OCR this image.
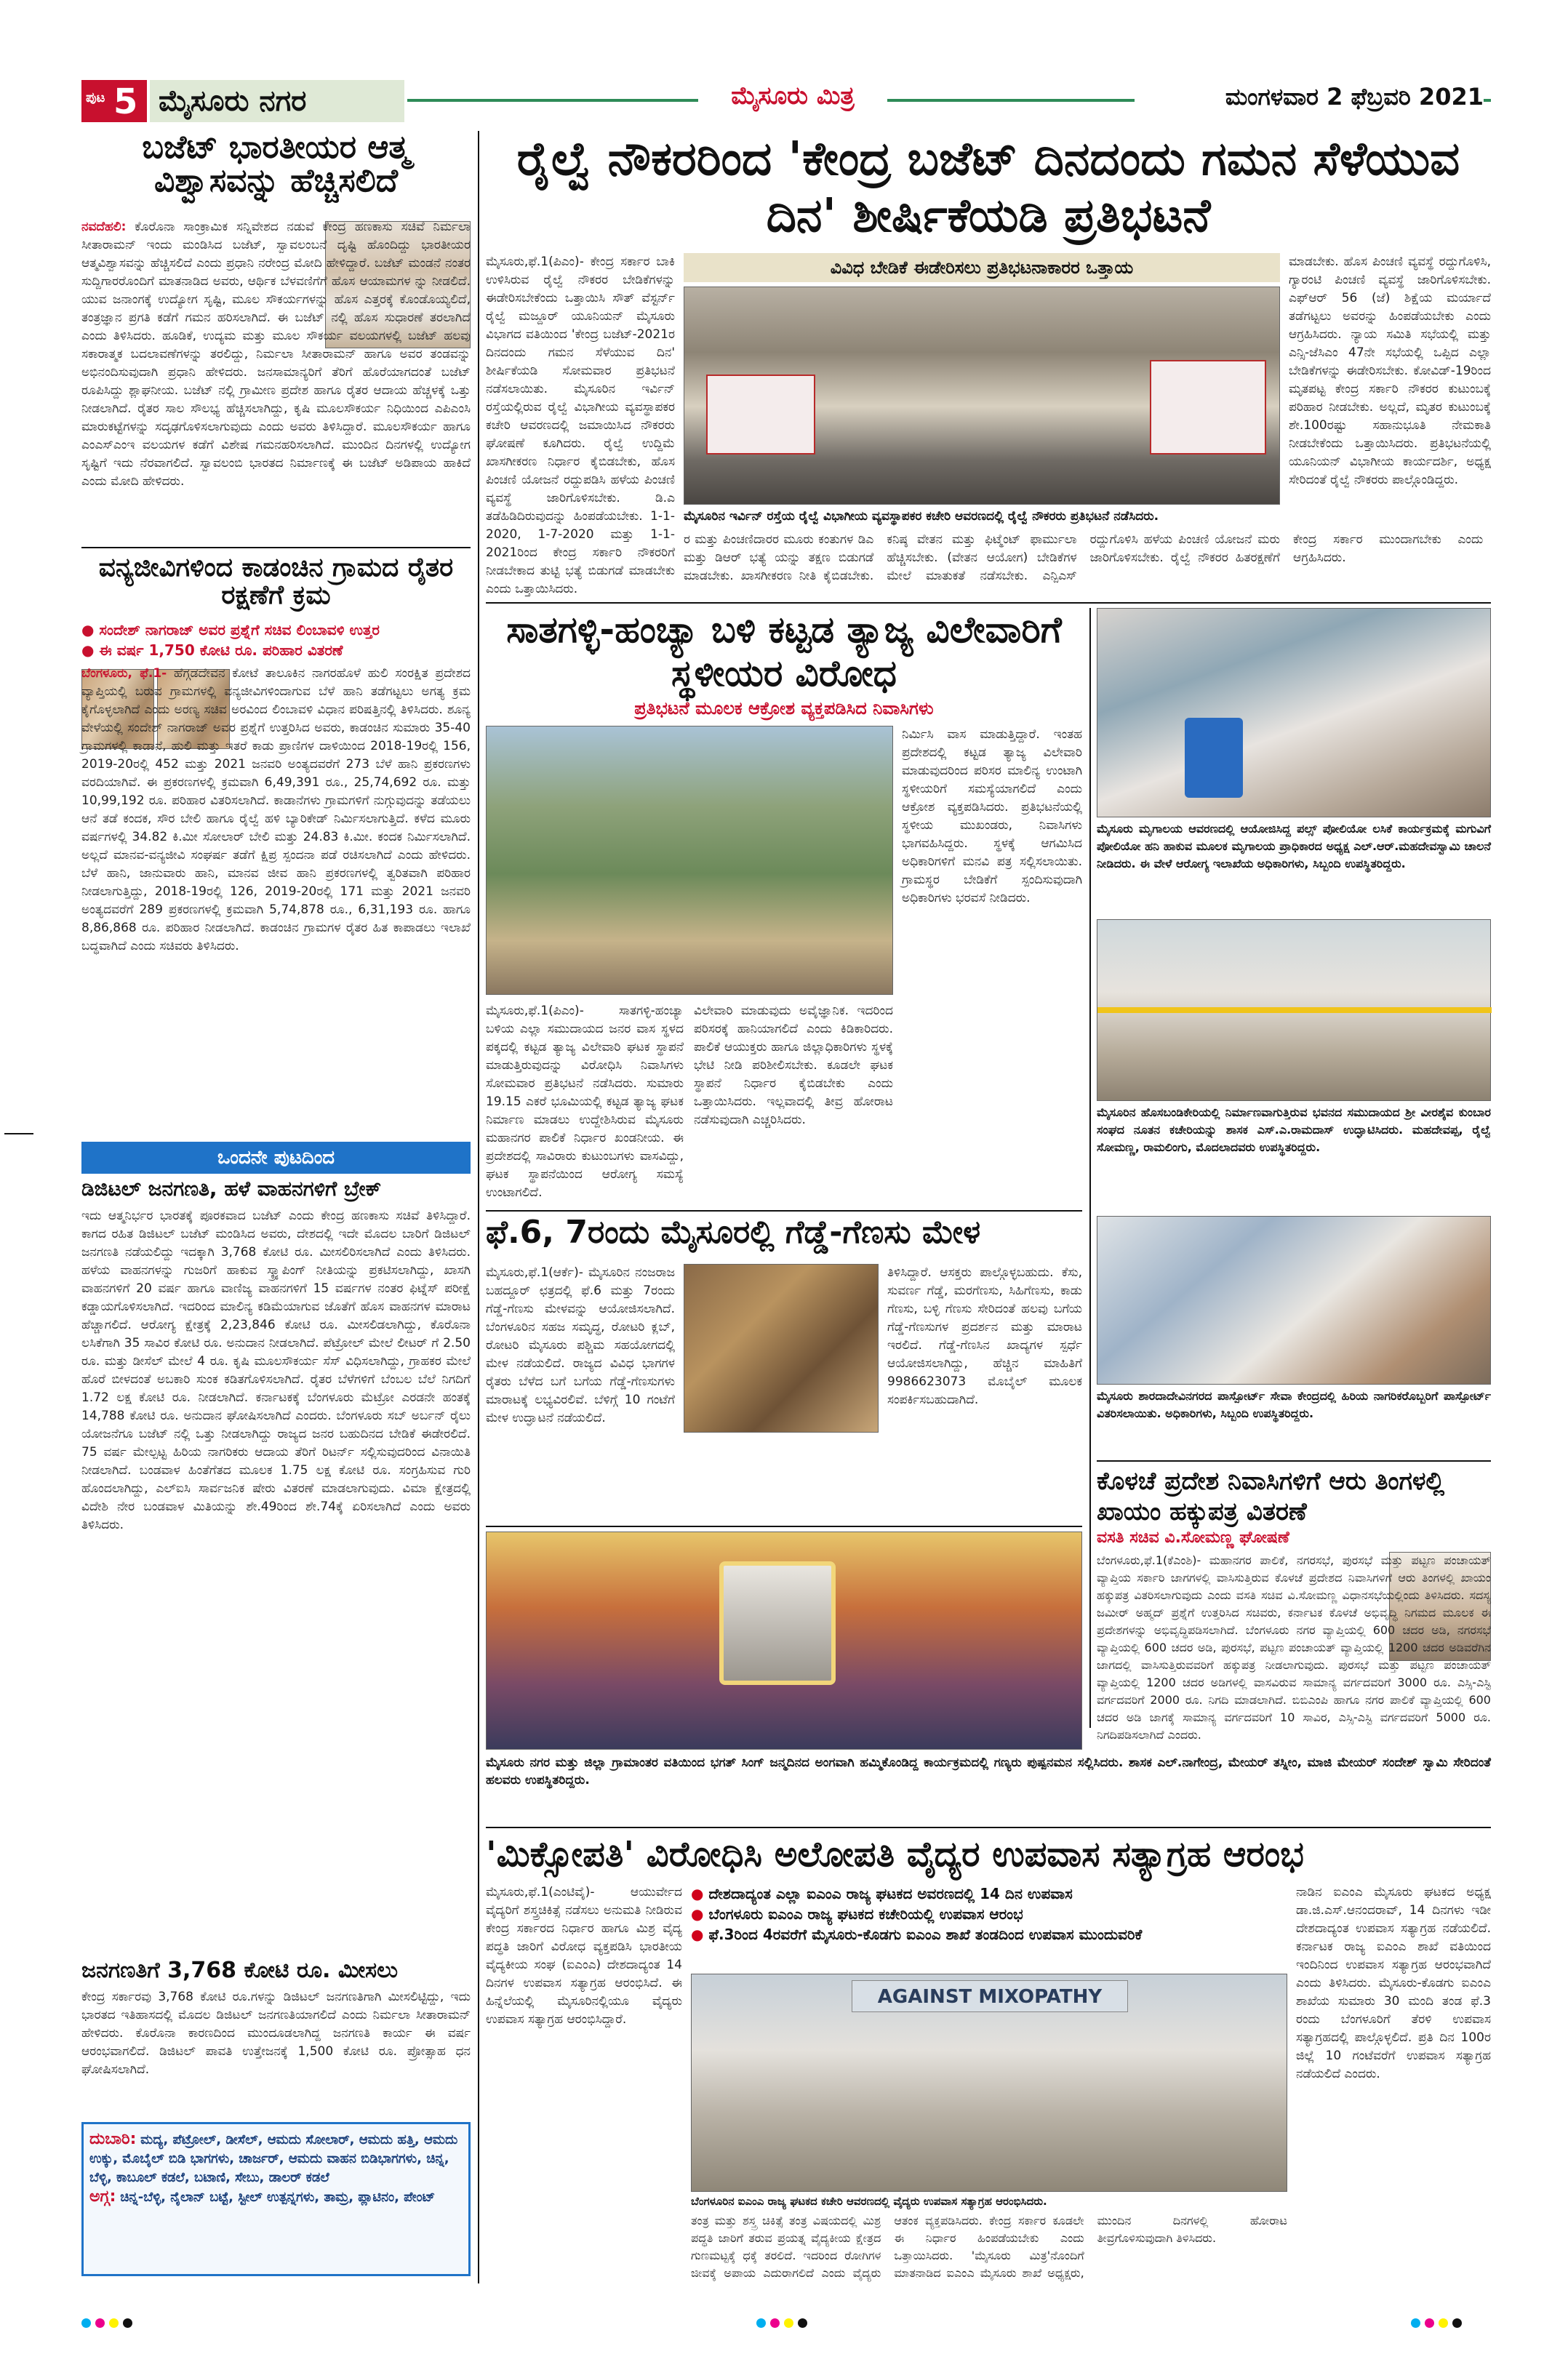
ಪುಟ 5 ಮೈಸೂರು ನಗರ	ಮೈಸೂರು ಮಿತ್ರ	ಮಂಗಳವಾರ 2 ಫೆಬ್ರವರಿ 2021
ಬಜೆಟ್ ಭಾರತೀಯರ ಆತ್ಮ ವಿಶ್ವಾಸವನ್ನು ಹೆಚ್ಚಿಸಲಿದೆ
ನವದೆಹಲಿ: ಕೊರೊನಾ ಸಾಂಕ್ರಾಮಿಕ ಸನ್ನಿವೇಶದ ನಡುವೆ ಕೇಂದ್ರ ಹಣಕಾಸು ಸಚಿವೆ ನಿರ್ಮಲಾ ಸೀತಾರಾಮನ್ ಇಂದು ಮಂಡಿಸಿದ ಬಜೆಟ್, ಸ್ವಾವಲಂಬನೆ ದೃಷ್ಟಿ ಹೊಂದಿದ್ದು ಭಾರತೀಯರ ಆತ್ಮವಿಶ್ವಾಸವನ್ನು ಹೆಚ್ಚಿಸಲಿದೆ ಎಂದು ಪ್ರಧಾನಿ ನರೇಂದ್ರ ಮೋದಿ ಹೇಳಿದ್ದಾರೆ. ಬಜೆಟ್ ಮಂಡನೆ ನಂತರ ಸುದ್ದಿಗಾರರೊಂದಿಗೆ ಮಾತನಾಡಿದ ಅವರು, ಆರ್ಥಿಕ ಬೆಳವಣಿಗೆಗೆ ಹೊಸ ಆಯಾಮಗಳ ನ್ನು ನೀಡಲಿದೆ. ಯುವ ಜನಾಂಗಕ್ಕೆ ಉದ್ಯೋಗ ಸೃಷ್ಟಿ, ಮೂಲ ಸೌಕರ್ಯಗಳನ್ನು ಹೊಸ ಎತ್ತರಕ್ಕೆ ಕೊಂಡೊಯ್ಯಲಿದೆ, ತಂತ್ರಜ್ಞಾನ ಪ್ರಗತಿ ಕಡೆಗೆ ಗಮನ ಹರಿಸಲಾಗಿದೆ. ಈ ಬಜೆಟ್ ನಲ್ಲಿ ಹೊಸ ಸುಧಾರಣೆ ತರಲಾಗಿದೆ ಎಂದು ತಿಳಿಸಿದರು. ಹೂಡಿಕೆ, ಉದ್ಯಮ ಮತ್ತು ಮೂಲ ಸೌಕರ್ಯ ವಲಯಗಳಲ್ಲಿ ಬಜೆಟ್ ಹಲವು ಸಕಾರಾತ್ಮಕ ಬದಲಾವಣೆಗಳನ್ನು ತರಲಿದ್ದು, ನಿರ್ಮಲಾ ಸೀತಾರಾಮನ್ ಹಾಗೂ ಅವರ ತಂಡವನ್ನು ಅಭಿನಂದಿಸುವುದಾಗಿ ಪ್ರಧಾನಿ ಹೇಳಿದರು. ಜನಸಾಮಾನ್ಯರಿಗೆ ತೆರಿಗೆ ಹೊರೆಯಾಗದಂತೆ ಬಜೆಟ್ ರೂಪಿಸಿದ್ದು ಶ್ಲಾಘನೀಯ. ಬಜೆಟ್ ನಲ್ಲಿ ಗ್ರಾಮೀಣ ಪ್ರದೇಶ ಹಾಗೂ ರೈತರ ಆದಾಯ ಹೆಚ್ಚಳಕ್ಕೆ ಒತ್ತು ನೀಡಲಾಗಿದೆ. ರೈತರ ಸಾಲ ಸೌಲಭ್ಯ ಹೆಚ್ಚಿಸಲಾಗಿದ್ದು, ಕೃಷಿ ಮೂಲಸೌಕರ್ಯ ನಿಧಿಯಿಂದ ಎಪಿಎಂಸಿ ಮಾರುಕಟ್ಟೆಗಳನ್ನು ಸದೃಢಗೊಳಿಸಲಾಗುವುದು ಎಂದು ಅವರು ತಿಳಿಸಿದ್ದಾರೆ. ಮೂಲಸೌಕರ್ಯ ಹಾಗೂ ಎಂಎಸ್ಎಂಇ ವಲಯಗಳ ಕಡೆಗೆ ವಿಶೇಷ ಗಮನಹರಿಸಲಾಗಿದೆ. ಮುಂದಿನ ದಿನಗಳಲ್ಲಿ ಉದ್ಯೋಗ ಸೃಷ್ಟಿಗೆ ಇದು ನೆರವಾಗಲಿದೆ. ಸ್ವಾವಲಂಬಿ ಭಾರತದ ನಿರ್ಮಾಣಕ್ಕೆ ಈ ಬಜೆಟ್ ಅಡಿಪಾಯ ಹಾಕಿದೆ ಎಂದು ಮೋದಿ ಹೇಳಿದರು.
ವನ್ಯಜೀವಿಗಳಿಂದ ಕಾಡಂಚಿನ ಗ್ರಾಮದ ರೈತರ ರಕ್ಷಣೆಗೆ ಕ್ರಮ
● ಸಂದೇಶ್ ನಾಗರಾಜ್ ಅವರ ಪ್ರಶ್ನೆಗೆ ಸಚಿವ ಲಿಂಬಾವಳಿ ಉತ್ತರ
● ಈ ವರ್ಷ 1,750 ಕೋಟಿ ರೂ. ಪರಿಹಾರ ವಿತರಣೆ
ಬೆಂಗಳೂರು, ಫೆ.1- ಹೆಗ್ಗಡದೇವನ ಕೋಟೆ ತಾಲೂಕಿನ ನಾಗರಹೊಳೆ ಹುಲಿ ಸಂರಕ್ಷಿತ ಪ್ರದೇಶದ ವ್ಯಾಪ್ತಿಯಲ್ಲಿ ಬರುವ ಗ್ರಾಮಗಳಲ್ಲಿ ವನ್ಯಜೀವಿಗಳಿಂದಾಗುವ ಬೆಳೆ ಹಾನಿ ತಡೆಗಟ್ಟಲು ಅಗತ್ಯ ಕ್ರಮ ಕೈಗೊಳ್ಳಲಾಗಿದೆ ಎಂದು ಅರಣ್ಯ ಸಚಿವ ಅರವಿಂದ ಲಿಂಬಾವಳಿ ವಿಧಾನ ಪರಿಷತ್ತಿನಲ್ಲಿ ತಿಳಿಸಿದರು. ಶೂನ್ಯ ವೇಳೆಯಲ್ಲಿ ಸಂದೇಶ್ ನಾಗರಾಜ್ ಅವರ ಪ್ರಶ್ನೆಗೆ ಉತ್ತರಿಸಿದ ಅವರು, ಕಾಡಂಚಿನ ಸುಮಾರು 35-40 ಗ್ರಾಮಗಳಲ್ಲಿ ಕಾಡಾನೆ, ಹುಲಿ ಮತ್ತು ಇತರೆ ಕಾಡು ಪ್ರಾಣಿಗಳ ದಾಳಿಯಿಂದ 2018-19ರಲ್ಲಿ 156, 2019-20ರಲ್ಲಿ 452 ಮತ್ತು 2021 ಜನವರಿ ಅಂತ್ಯದವರೆಗೆ 273 ಬೆಳೆ ಹಾನಿ ಪ್ರಕರಣಗಳು ವರದಿಯಾಗಿವೆ. ಈ ಪ್ರಕರಣಗಳಲ್ಲಿ ಕ್ರಮವಾಗಿ 6,49,391 ರೂ., 25,74,692 ರೂ. ಮತ್ತು 10,99,192 ರೂ. ಪರಿಹಾರ ವಿತರಿಸಲಾಗಿದೆ. ಕಾಡಾನೆಗಳು ಗ್ರಾಮಗಳಿಗೆ ನುಗ್ಗುವುದನ್ನು ತಡೆಯಲು ಆನೆ ತಡೆ ಕಂದಕ, ಸೌರ ಬೇಲಿ ಹಾಗೂ ರೈಲ್ವೆ ಹಳಿ ಬ್ಯಾರಿಕೇಡ್ ನಿರ್ಮಿಸಲಾಗುತ್ತಿದೆ. ಕಳೆದ ಮೂರು ವರ್ಷಗಳಲ್ಲಿ 34.82 ಕಿ.ಮೀ ಸೋಲಾರ್ ಬೇಲಿ ಮತ್ತು 24.83 ಕಿ.ಮೀ. ಕಂದಕ ನಿರ್ಮಿಸಲಾಗಿದೆ. ಅಲ್ಲದೆ ಮಾನವ-ವನ್ಯಜೀವಿ ಸಂಘರ್ಷ ತಡೆಗೆ ಕ್ಷಿಪ್ರ ಸ್ಪಂದನಾ ಪಡೆ ರಚಿಸಲಾಗಿದೆ ಎಂದು ಹೇಳಿದರು. ಬೆಳೆ ಹಾನಿ, ಜಾನುವಾರು ಹಾನಿ, ಮಾನವ ಜೀವ ಹಾನಿ ಪ್ರಕರಣಗಳಲ್ಲಿ ತ್ವರಿತವಾಗಿ ಪರಿಹಾರ ನೀಡಲಾಗುತ್ತಿದ್ದು, 2018-19ರಲ್ಲಿ 126, 2019-20ರಲ್ಲಿ 171 ಮತ್ತು 2021 ಜನವರಿ ಅಂತ್ಯದವರೆಗೆ 289 ಪ್ರಕರಣಗಳಲ್ಲಿ ಕ್ರಮವಾಗಿ 5,74,878 ರೂ., 6,31,193 ರೂ. ಹಾಗೂ 8,86,868 ರೂ. ಪರಿಹಾರ ನೀಡಲಾಗಿದೆ. ಕಾಡಂಚಿನ ಗ್ರಾಮಗಳ ರೈತರ ಹಿತ ಕಾಪಾಡಲು ಇಲಾಖೆ ಬದ್ಧವಾಗಿದೆ ಎಂದು ಸಚಿವರು ತಿಳಿಸಿದರು.
ಒಂದನೇ ಪುಟದಿಂದ
ಡಿಜಿಟಲ್ ಜನಗಣತಿ, ಹಳೆ ವಾಹನಗಳಿಗೆ ಬ್ರೇಕ್
ಇದು ಆತ್ಮನಿರ್ಭರ ಭಾರತಕ್ಕೆ ಪೂರಕವಾದ ಬಜೆಟ್ ಎಂದು ಕೇಂದ್ರ ಹಣಕಾಸು ಸಚಿವೆ ತಿಳಿಸಿದ್ದಾರೆ. ಕಾಗದ ರಹಿತ ಡಿಜಿಟಲ್ ಬಜೆಟ್ ಮಂಡಿಸಿದ ಅವರು, ದೇಶದಲ್ಲಿ ಇದೇ ಮೊದಲ ಬಾರಿಗೆ ಡಿಜಿಟಲ್ ಜನಗಣತಿ ನಡೆಯಲಿದ್ದು ಇದಕ್ಕಾಗಿ 3,768 ಕೋಟಿ ರೂ. ಮೀಸಲಿರಿಸಲಾಗಿದೆ ಎಂದು ತಿಳಿಸಿದರು. ಹಳೆಯ ವಾಹನಗಳನ್ನು ಗುಜರಿಗೆ ಹಾಕುವ ಸ್ಕ್ರ್ಯಾಪಿಂಗ್ ನೀತಿಯನ್ನು ಪ್ರಕಟಿಸಲಾಗಿದ್ದು, ಖಾಸಗಿ ವಾಹನಗಳಿಗೆ 20 ವರ್ಷ ಹಾಗೂ ವಾಣಿಜ್ಯ ವಾಹನಗಳಿಗೆ 15 ವರ್ಷಗಳ ನಂತರ ಫಿಟ್ನೆಸ್ ಪರೀಕ್ಷೆ ಕಡ್ಡಾಯಗೊಳಿಸಲಾಗಿದೆ. ಇದರಿಂದ ಮಾಲಿನ್ಯ ಕಡಿಮೆಯಾಗುವ ಜೊತೆಗೆ ಹೊಸ ವಾಹನಗಳ ಮಾರಾಟ ಹೆಚ್ಚಾಗಲಿದೆ. ಆರೋಗ್ಯ ಕ್ಷೇತ್ರಕ್ಕೆ 2,23,846 ಕೋಟಿ ರೂ. ಮೀಸಲಿಡಲಾಗಿದ್ದು, ಕೊರೊನಾ ಲಸಿಕೆಗಾಗಿ 35 ಸಾವಿರ ಕೋಟಿ ರೂ. ಅನುದಾನ ನೀಡಲಾಗಿದೆ. ಪೆಟ್ರೋಲ್ ಮೇಲೆ ಲೀಟರ್ ಗೆ 2.50 ರೂ. ಮತ್ತು ಡೀಸೆಲ್ ಮೇಲೆ 4 ರೂ. ಕೃಷಿ ಮೂಲಸೌಕರ್ಯ ಸೆಸ್ ವಿಧಿಸಲಾಗಿದ್ದು, ಗ್ರಾಹಕರ ಮೇಲೆ ಹೊರೆ ಬೀಳದಂತೆ ಅಬಕಾರಿ ಸುಂಕ ಕಡಿತಗೊಳಿಸಲಾಗಿದೆ. ರೈತರ ಬೆಳೆಗಳಿಗೆ ಬೆಂಬಲ ಬೆಲೆ ನಿಗದಿಗೆ 1.72 ಲಕ್ಷ ಕೋಟಿ ರೂ. ನೀಡಲಾಗಿದೆ. ಕರ್ನಾಟಕಕ್ಕೆ ಬೆಂಗಳೂರು ಮೆಟ್ರೋ ಎರಡನೇ ಹಂತಕ್ಕೆ 14,788 ಕೋಟಿ ರೂ. ಅನುದಾನ ಘೋಷಿಸಲಾಗಿದೆ ಎಂದರು. ಬೆಂಗಳೂರು ಸಬ್ ಅರ್ಬನ್ ರೈಲು ಯೋಜನೆಗೂ ಬಜೆಟ್ ನಲ್ಲಿ ಒತ್ತು ನೀಡಲಾಗಿದ್ದು ರಾಜ್ಯದ ಜನರ ಬಹುದಿನದ ಬೇಡಿಕೆ ಈಡೇರಲಿದೆ. 75 ವರ್ಷ ಮೇಲ್ಪಟ್ಟ ಹಿರಿಯ ನಾಗರಿಕರು ಆದಾಯ ತೆರಿಗೆ ರಿಟರ್ನ್ ಸಲ್ಲಿಸುವುದರಿಂದ ವಿನಾಯಿತಿ ನೀಡಲಾಗಿದೆ. ಬಂಡವಾಳ ಹಿಂತೆಗೆತದ ಮೂಲಕ 1.75 ಲಕ್ಷ ಕೋಟಿ ರೂ. ಸಂಗ್ರಹಿಸುವ ಗುರಿ ಹೊಂದಲಾಗಿದ್ದು, ಎಲ್ಐಸಿ ಸಾರ್ವಜನಿಕ ಷೇರು ವಿತರಣೆ ಮಾಡಲಾಗುವುದು. ವಿಮಾ ಕ್ಷೇತ್ರದಲ್ಲಿ ವಿದೇಶಿ ನೇರ ಬಂಡವಾಳ ಮಿತಿಯನ್ನು ಶೇ.49ರಿಂದ ಶೇ.74ಕ್ಕೆ ಏರಿಸಲಾಗಿದೆ ಎಂದು ಅವರು ತಿಳಿಸಿದರು.
ಜನಗಣತಿಗೆ 3,768 ಕೋಟಿ ರೂ. ಮೀಸಲು
ಕೇಂದ್ರ ಸರ್ಕಾರವು 3,768 ಕೋಟಿ ರೂ.ಗಳನ್ನು ಡಿಜಿಟಲ್ ಜನಗಣತಿಗಾಗಿ ಮೀಸಲಿಟ್ಟಿದ್ದು, ಇದು ಭಾರತದ ಇತಿಹಾಸದಲ್ಲಿ ಮೊದಲ ಡಿಜಿಟಲ್ ಜನಗಣತಿಯಾಗಲಿದೆ ಎಂದು ನಿರ್ಮಲಾ ಸೀತಾರಾಮನ್ ಹೇಳಿದರು. ಕೊರೊನಾ ಕಾರಣದಿಂದ ಮುಂದೂಡಲಾಗಿದ್ದ ಜನಗಣತಿ ಕಾರ್ಯ ಈ ವರ್ಷ ಆರಂಭವಾಗಲಿದೆ. ಡಿಜಿಟಲ್ ಪಾವತಿ ಉತ್ತೇಜನಕ್ಕೆ 1,500 ಕೋಟಿ ರೂ. ಪ್ರೋತ್ಸಾಹ ಧನ ಘೋಷಿಸಲಾಗಿದೆ.
ದುಬಾರಿ: ಮದ್ಯ, ಪೆಟ್ರೋಲ್, ಡೀಸೆಲ್, ಆಮದು ಸೋಲಾರ್, ಆಮದು ಹತ್ತಿ, ಆಮದು ಉಕ್ಕು, ಮೊಬೈಲ್ ಬಿಡಿ ಭಾಗಗಳು, ಚಾರ್ಜರ್, ಆಮದು ವಾಹನ ಬಿಡಿಭಾಗಗಳು, ಚಿನ್ನ, ಬೆಳ್ಳಿ, ಕಾಬೂಲ್ ಕಡಲೆ, ಬಟಾಣಿ, ಸೇಬು, ಡಾಲರ್ ಕಡಲೆ
ಅಗ್ಗ: ಚಿನ್ನ-ಬೆಳ್ಳಿ, ನೈಲಾನ್ ಬಟ್ಟೆ, ಸ್ಟೀಲ್ ಉತ್ಪನ್ನಗಳು, ತಾಮ್ರ, ಪ್ಲಾಟಿನಂ, ಪೇಂಟ್
ರೈಲ್ವೆ ನೌಕರರಿಂದ 'ಕೇಂದ್ರ ಬಜೆಟ್ ದಿನದಂದು ಗಮನ ಸೆಳೆಯುವ ದಿನ' ಶೀರ್ಷಿಕೆಯಡಿ ಪ್ರತಿಭಟನೆ
ಮೈಸೂರು,ಫೆ.1(ಪಿಎಂ)- ಕೇಂದ್ರ ಸರ್ಕಾರ ಬಾಕಿ ಉಳಿಸಿರುವ ರೈಲ್ವೆ ನೌಕರರ ಬೇಡಿಕೆಗಳನ್ನು ಈಡೇರಿಸಬೇಕೆಂದು ಒತ್ತಾಯಿಸಿ ಸೌತ್ ವೆಸ್ಟರ್ನ್ ರೈಲ್ವೆ ಮಜ್ದೂರ್ ಯೂನಿಯನ್ ಮೈಸೂರು ವಿಭಾಗದ ವತಿಯಿಂದ 'ಕೇಂದ್ರ ಬಜೆಟ್-2021ರ ದಿನದಂದು ಗಮನ ಸೆಳೆಯುವ ದಿನ' ಶೀರ್ಷಿಕೆಯಡಿ ಸೋಮವಾರ ಪ್ರತಿಭಟನೆ ನಡೆಸಲಾಯಿತು. ಮೈಸೂರಿನ ಇರ್ವಿನ್ ರಸ್ತೆಯಲ್ಲಿರುವ ರೈಲ್ವೆ ವಿಭಾಗೀಯ ವ್ಯವಸ್ಥಾಪಕರ ಕಚೇರಿ ಆವರಣದಲ್ಲಿ ಜಮಾಯಿಸಿದ ನೌಕರರು ಘೋಷಣೆ ಕೂಗಿದರು. ರೈಲ್ವೆ ಉದ್ದಿಮೆ ಖಾಸಗೀಕರಣ ನಿರ್ಧಾರ ಕೈಬಿಡಬೇಕು, ಹೊಸ ಪಿಂಚಣಿ ಯೋಜನೆ ರದ್ದುಪಡಿಸಿ ಹಳೆಯ ಪಿಂಚಣಿ ವ್ಯವಸ್ಥೆ ಜಾರಿಗೊಳಿಸಬೇಕು. ಡಿ.ಎ ತಡೆಹಿಡಿದಿರುವುದನ್ನು ಹಿಂಪಡೆಯಬೇಕು. 1-1-2020, 1-7-2020 ಮತ್ತು 1-1-2021ರಿಂದ ಕೇಂದ್ರ ಸರ್ಕಾರಿ ನೌಕರರಿಗೆ ನೀಡಬೇಕಾದ ತುಟ್ಟಿ ಭತ್ಯೆ ಬಿಡುಗಡೆ ಮಾಡಬೇಕು ಎಂದು ಒತ್ತಾಯಿಸಿದರು.
ವಿವಿಧ ಬೇಡಿಕೆ ಈಡೇರಿಸಲು ಪ್ರತಿಭಟನಾಕಾರರ ಒತ್ತಾಯ
ಮೈಸೂರಿನ ಇರ್ವಿನ್ ರಸ್ತೆಯ ರೈಲ್ವೆ ವಿಭಾಗೀಯ ವ್ಯವಸ್ಥಾಪಕರ ಕಚೇರಿ ಆವರಣದಲ್ಲಿ ರೈಲ್ವೆ ನೌಕರರು ಪ್ರತಿಭಟನೆ ನಡೆಸಿದರು.
ರ ಮತ್ತು ಪಿಂಚಣಿದಾರರ ಮೂರು ಕಂತುಗಳ ಡಿಎ ಮತ್ತು ಡಿಆರ್ ಭತ್ಯೆ ಯನ್ನು ತಕ್ಷಣ ಬಿಡುಗಡೆ ಮಾಡಬೇಕು. ಖಾಸಗೀಕರಣ ನೀತಿ ಕೈಬಿಡಬೇಕು. ಕನಿಷ್ಠ ವೇತನ ಮತ್ತು ಫಿಟ್ಮೆಂಟ್ ಫಾರ್ಮುಲಾ ಹೆಚ್ಚಿಸಬೇಕು. (ವೇತನ ಆಯೋಗ) ಬೇಡಿಕೆಗಳ ಮೇಲೆ ಮಾತುಕತೆ ನಡೆಸಬೇಕು. ಎನ್ಪಿಎಸ್ ರದ್ದುಗೊಳಿಸಿ ಹಳೆಯ ಪಿಂಚಣಿ ಯೋಜನೆ ಮರು ಜಾರಿಗೊಳಿಸಬೇಕು. ರೈಲ್ವೆ ನೌಕರರ ಹಿತರಕ್ಷಣೆಗೆ ಕೇಂದ್ರ ಸರ್ಕಾರ ಮುಂದಾಗಬೇಕು ಎಂದು ಆಗ್ರಹಿಸಿದರು.
ಮಾಡಬೇಕು. ಹೊಸ ಪಿಂಚಣಿ ವ್ಯವಸ್ಥೆ ರದ್ದುಗೊಳಿಸಿ, ಗ್ಯಾರಂಟಿ ಪಿಂಚಣಿ ವ್ಯವಸ್ಥೆ ಜಾರಿಗೊಳಿಸಬೇಕು. ಎಫ್ಆರ್ 56 (ಜೆ) ಶಿಕ್ಷೆಯ ಮರ್ಯಾದೆ ತಡೆಗಟ್ಟಲು ಅವರನ್ನು ಹಿಂಪಡೆಯಬೇಕು ಎಂದು ಆಗ್ರಹಿಸಿದರು. ನ್ಯಾಯ ಸಮಿತಿ ಸಭೆಯಲ್ಲಿ ಮತ್ತು ಎನ್ಸಿ-ಜೆಸಿಎಂ 47ನೇ ಸಭೆಯಲ್ಲಿ ಒಪ್ಪಿದ ಎಲ್ಲಾ ಬೇಡಿಕೆಗಳನ್ನು ಈಡೇರಿಸಬೇಕು. ಕೋವಿಡ್-19ರಿಂದ ಮೃತಪಟ್ಟ ಕೇಂದ್ರ ಸರ್ಕಾರಿ ನೌಕರರ ಕುಟುಂಬಕ್ಕೆ ಪರಿಹಾರ ನೀಡಬೇಕು. ಅಲ್ಲದೆ, ಮೃತರ ಕುಟುಂಬಕ್ಕೆ ಶೇ.100ರಷ್ಟು ಸಹಾನುಭೂತಿ ನೇಮಕಾತಿ ನೀಡಬೇಕೆಂದು ಒತ್ತಾಯಿಸಿದರು. ಪ್ರತಿಭಟನೆಯಲ್ಲಿ ಯೂನಿಯನ್ ವಿಭಾಗೀಯ ಕಾರ್ಯದರ್ಶಿ, ಅಧ್ಯಕ್ಷ ಸೇರಿದಂತೆ ರೈಲ್ವೆ ನೌಕರರು ಪಾಲ್ಗೊಂಡಿದ್ದರು.
ಸಾತಗಳ್ಳಿ-ಹಂಚ್ಯಾ ಬಳಿ ಕಟ್ಟಡ ತ್ಯಾಜ್ಯ ವಿಲೇವಾರಿಗೆ ಸ್ಥಳೀಯರ ವಿರೋಧ
ಪ್ರತಿಭಟನೆ ಮೂಲಕ ಆಕ್ರೋಶ ವ್ಯಕ್ತಪಡಿಸಿದ ನಿವಾಸಿಗಳು
ನಿರ್ಮಿಸಿ ವಾಸ ಮಾಡುತ್ತಿದ್ದಾರೆ. ಇಂತಹ ಪ್ರದೇಶದಲ್ಲಿ ಕಟ್ಟಡ ತ್ಯಾಜ್ಯ ವಿಲೇವಾರಿ ಮಾಡುವುದರಿಂದ ಪರಿಸರ ಮಾಲಿನ್ಯ ಉಂಟಾಗಿ ಸ್ಥಳೀಯರಿಗೆ ಸಮಸ್ಯೆಯಾಗಲಿದೆ ಎಂದು ಆಕ್ರೋಶ ವ್ಯಕ್ತಪಡಿಸಿದರು. ಪ್ರತಿಭಟನೆಯಲ್ಲಿ ಸ್ಥಳೀಯ ಮುಖಂಡರು, ನಿವಾಸಿಗಳು ಭಾಗವಹಿಸಿದ್ದರು. ಸ್ಥಳಕ್ಕೆ ಆಗಮಿಸಿದ ಅಧಿಕಾರಿಗಳಿಗೆ ಮನವಿ ಪತ್ರ ಸಲ್ಲಿಸಲಾಯಿತು. ಗ್ರಾಮಸ್ಥರ ಬೇಡಿಕೆಗೆ ಸ್ಪಂದಿಸುವುದಾಗಿ ಅಧಿಕಾರಿಗಳು ಭರವಸೆ ನೀಡಿದರು.
ಮೈಸೂರು,ಫೆ.1(ಪಿಎಂ)- ಸಾತಗಳ್ಳಿ-ಹಂಚ್ಯಾ ಬಳಿಯ ಎಲ್ಲಾ ಸಮುದಾಯದ ಜನರ ವಾಸ ಸ್ಥಳದ ಪಕ್ಕದಲ್ಲಿ ಕಟ್ಟಡ ತ್ಯಾಜ್ಯ ವಿಲೇವಾರಿ ಘಟಕ ಸ್ಥಾಪನೆ ಮಾಡುತ್ತಿರುವುದನ್ನು ವಿರೋಧಿಸಿ ನಿವಾಸಿಗಳು ಸೋಮವಾರ ಪ್ರತಿಭಟನೆ ನಡೆಸಿದರು. ಸುಮಾರು 19.15 ಎಕರೆ ಭೂಮಿಯಲ್ಲಿ ಕಟ್ಟಡ ತ್ಯಾಜ್ಯ ಘಟಕ ನಿರ್ಮಾಣ ಮಾಡಲು ಉದ್ದೇಶಿಸಿರುವ ಮೈಸೂರು ಮಹಾನಗರ ಪಾಲಿಕೆ ನಿರ್ಧಾರ ಖಂಡನೀಯ. ಈ ಪ್ರದೇಶದಲ್ಲಿ ಸಾವಿರಾರು ಕುಟುಂಬಗಳು ವಾಸವಿದ್ದು, ಘಟಕ ಸ್ಥಾಪನೆಯಿಂದ ಆರೋಗ್ಯ ಸಮಸ್ಯೆ ಉಂಟಾಗಲಿದೆ.
ವಿಲೇವಾರಿ ಮಾಡುವುದು ಅವೈಜ್ಞಾನಿಕ. ಇದರಿಂದ ಪರಿಸರಕ್ಕೆ ಹಾನಿಯಾಗಲಿದೆ ಎಂದು ಕಿಡಿಕಾರಿದರು. ಪಾಲಿಕೆ ಆಯುಕ್ತರು ಹಾಗೂ ಜಿಲ್ಲಾಧಿಕಾರಿಗಳು ಸ್ಥಳಕ್ಕೆ ಭೇಟಿ ನೀಡಿ ಪರಿಶೀಲಿಸಬೇಕು. ಕೂಡಲೇ ಘಟಕ ಸ್ಥಾಪನೆ ನಿರ್ಧಾರ ಕೈಬಿಡಬೇಕು ಎಂದು ಒತ್ತಾಯಿಸಿದರು. ಇಲ್ಲವಾದಲ್ಲಿ ತೀವ್ರ ಹೋರಾಟ ನಡೆಸುವುದಾಗಿ ಎಚ್ಚರಿಸಿದರು.
ಫೆ.6, 7ರಂದು ಮೈಸೂರಲ್ಲಿ ಗೆಡ್ಡೆ-ಗೆಣಸು ಮೇಳ
ಮೈಸೂರು,ಫೆ.1(ಆರ್ಕೆ)- ಮೈಸೂರಿನ ನಂಜರಾಜ ಬಹದ್ದೂರ್ ಛತ್ರದಲ್ಲಿ ಫೆ.6 ಮತ್ತು 7ರಂದು ಗೆಡ್ಡೆ-ಗೆಣಸು ಮೇಳವನ್ನು ಆಯೋಜಿಸಲಾಗಿದೆ. ಬೆಂಗಳೂರಿನ ಸಹಜ ಸಮೃದ್ಧ, ರೋಟರಿ ಕ್ಲಬ್, ರೋಟರಿ ಮೈಸೂರು ಪಶ್ಚಿಮ ಸಹಯೋಗದಲ್ಲಿ ಮೇಳ ನಡೆಯಲಿದೆ. ರಾಜ್ಯದ ವಿವಿಧ ಭಾಗಗಳ ರೈತರು ಬೆಳೆದ ಬಗೆ ಬಗೆಯ ಗೆಡ್ಡೆ-ಗೆಣಸುಗಳು ಮಾರಾಟಕ್ಕೆ ಲಭ್ಯವಿರಲಿವೆ. ಬೆಳಿಗ್ಗೆ 10 ಗಂಟೆಗೆ ಮೇಳ ಉದ್ಘಾಟನೆ ನಡೆಯಲಿದೆ.
ತಿಳಿಸಿದ್ದಾರೆ. ಆಸಕ್ತರು ಪಾಲ್ಗೊಳ್ಳಬಹುದು. ಕೆಸು, ಸುವರ್ಣ ಗೆಡ್ಡೆ, ಮರಗೆಣಸು, ಸಿಹಿಗೆಣಸು, ಕಾಡು ಗೆಣಸು, ಬಳ್ಳಿ ಗೆಣಸು ಸೇರಿದಂತೆ ಹಲವು ಬಗೆಯ ಗೆಡ್ಡೆ-ಗೆಣಸುಗಳ ಪ್ರದರ್ಶನ ಮತ್ತು ಮಾರಾಟ ಇರಲಿದೆ. ಗೆಡ್ಡೆ-ಗೆಣಸಿನ ಖಾದ್ಯಗಳ ಸ್ಪರ್ಧೆ ಆಯೋಜಿಸಲಾಗಿದ್ದು, ಹೆಚ್ಚಿನ ಮಾಹಿತಿಗೆ 9986623073 ಮೊಬೈಲ್ ಮೂಲಕ ಸಂಪರ್ಕಿಸಬಹುದಾಗಿದೆ.
ಮೈಸೂರು ನಗರ ಮತ್ತು ಜಿಲ್ಲಾ ಗ್ರಾಮಾಂತರ ವತಿಯಿಂದ ಭಗತ್ ಸಿಂಗ್ ಜನ್ಮದಿನದ ಅಂಗವಾಗಿ ಹಮ್ಮಿಕೊಂಡಿದ್ದ ಕಾರ್ಯಕ್ರಮದಲ್ಲಿ ಗಣ್ಯರು ಪುಷ್ಪನಮನ ಸಲ್ಲಿಸಿದರು. ಶಾಸಕ ಎಲ್.ನಾಗೇಂದ್ರ, ಮೇಯರ್ ತಸ್ನೀಂ, ಮಾಜಿ ಮೇಯರ್ ಸಂದೇಶ್ ಸ್ವಾಮಿ ಸೇರಿದಂತೆ ಹಲವರು ಉಪಸ್ಥಿತರಿದ್ದರು.
ಮೈಸೂರು ಮೃಗಾಲಯ ಆವರಣದಲ್ಲಿ ಆಯೋಜಿಸಿದ್ದ ಪಲ್ಸ್ ಪೋಲಿಯೋ ಲಸಿಕೆ ಕಾರ್ಯಕ್ರಮಕ್ಕೆ ಮಗುವಿಗೆ ಪೋಲಿಯೋ ಹನಿ ಹಾಕುವ ಮೂಲಕ ಮೃಗಾಲಯ ಪ್ರಾಧಿಕಾರದ ಅಧ್ಯಕ್ಷ ಎಲ್.ಆರ್.ಮಹದೇವಸ್ವಾಮಿ ಚಾಲನೆ ನೀಡಿದರು. ಈ ವೇಳೆ ಆರೋಗ್ಯ ಇಲಾಖೆಯ ಅಧಿಕಾರಿಗಳು, ಸಿಬ್ಬಂದಿ ಉಪಸ್ಥಿತರಿದ್ದರು.
ಮೈಸೂರಿನ ಹೊಸಬಂಡಿಕೇರಿಯಲ್ಲಿ ನಿರ್ಮಾಣವಾಗುತ್ತಿರುವ ಭವನದ ಸಮುದಾಯದ ಶ್ರೀ ವೀರಶೈವ ಕುಂಬಾರ ಸಂಘದ ನೂತನ ಕಚೇರಿಯನ್ನು ಶಾಸಕ ಎಸ್.ಎ.ರಾಮದಾಸ್ ಉದ್ಘಾಟಿಸಿದರು. ಮಹದೇವಪ್ಪ, ರೈಲ್ವೆ ಸೋಮಣ್ಣ, ರಾಮಲಿಂಗು, ಮೊದಲಾದವರು ಉಪಸ್ಥಿತರಿದ್ದರು.
ಮೈಸೂರು ಶಾರದಾದೇವಿನಗರದ ಪಾಸ್ಪೋರ್ಟ್ ಸೇವಾ ಕೇಂದ್ರದಲ್ಲಿ ಹಿರಿಯ ನಾಗರಿಕರೊಬ್ಬರಿಗೆ ಪಾಸ್ಪೋರ್ಟ್ ವಿತರಿಸಲಾಯಿತು. ಅಧಿಕಾರಿಗಳು, ಸಿಬ್ಬಂದಿ ಉಪಸ್ಥಿತರಿದ್ದರು.
ಕೊಳಚೆ ಪ್ರದೇಶ ನಿವಾಸಿಗಳಿಗೆ ಆರು ತಿಂಗಳಲ್ಲಿ ಖಾಯಂ ಹಕ್ಕುಪತ್ರ ವಿತರಣೆ
ವಸತಿ ಸಚಿವ ವಿ.ಸೋಮಣ್ಣ ಘೋಷಣೆ
ಬೆಂಗಳೂರು,ಫೆ.1(ಕೆಎಂಶಿ)- ಮಹಾನಗರ ಪಾಲಿಕೆ, ನಗರಸಭೆ, ಪುರಸಭೆ ಮತ್ತು ಪಟ್ಟಣ ಪಂಚಾಯತ್ ವ್ಯಾಪ್ತಿಯ ಸರ್ಕಾರಿ ಜಾಗಗಳಲ್ಲಿ ವಾಸಿಸುತ್ತಿರುವ ಕೊಳಚೆ ಪ್ರದೇಶದ ನಿವಾಸಿಗಳಿಗೆ ಆರು ತಿಂಗಳಲ್ಲಿ ಖಾಯಂ ಹಕ್ಕುಪತ್ರ ವಿತರಿಸಲಾಗುವುದು ಎಂದು ವಸತಿ ಸಚಿವ ವಿ.ಸೋಮಣ್ಣ ವಿಧಾನಸಭೆಯಲ್ಲಿಂದು ತಿಳಿಸಿದರು. ಸದಸ್ಯ ಜಮೀರ್ ಅಹ್ಮದ್ ಪ್ರಶ್ನೆಗೆ ಉತ್ತರಿಸಿದ ಸಚಿವರು, ಕರ್ನಾಟಕ ಕೊಳಚೆ ಅಭಿವೃದ್ಧಿ ನಿಗಮದ ಮೂಲಕ ಈ ಪ್ರದೇಶಗಳನ್ನು ಅಭಿವೃದ್ಧಿಪಡಿಸಲಾಗಿದೆ. ಬೆಂಗಳೂರು ನಗರ ವ್ಯಾಪ್ತಿಯಲ್ಲಿ 600 ಚದರ ಅಡಿ, ನಗರಸಭೆ ವ್ಯಾಪ್ತಿಯಲ್ಲಿ 600 ಚದರ ಅಡಿ, ಪುರಸಭೆ, ಪಟ್ಟಣ ಪಂಚಾಯತ್ ವ್ಯಾಪ್ತಿಯಲ್ಲಿ 1200 ಚದರ ಅಡಿವರೆಗಿನ ಜಾಗದಲ್ಲಿ ವಾಸಿಸುತ್ತಿರುವವರಿಗೆ ಹಕ್ಕುಪತ್ರ ನೀಡಲಾಗುವುದು. ಪುರಸಭೆ ಮತ್ತು ಪಟ್ಟಣ ಪಂಚಾಯತ್ ವ್ಯಾಪ್ತಿಯಲ್ಲಿ 1200 ಚದರ ಅಡಿಗಳಲ್ಲಿ ವಾಸವಿರುವ ಸಾಮಾನ್ಯ ವರ್ಗದವರಿಗೆ 3000 ರೂ. ಎಸ್ಸಿ-ಎಸ್ಟಿ ವರ್ಗದವರಿಗೆ 2000 ರೂ. ನಿಗದಿ ಮಾಡಲಾಗಿದೆ. ಬಿಬಿಎಂಪಿ ಹಾಗೂ ನಗರ ಪಾಲಿಕೆ ವ್ಯಾಪ್ತಿಯಲ್ಲಿ 600 ಚದರ ಅಡಿ ಜಾಗಕ್ಕೆ ಸಾಮಾನ್ಯ ವರ್ಗದವರಿಗೆ 10 ಸಾವಿರ, ಎಸ್ಸಿ-ಎಸ್ಟಿ ವರ್ಗದವರಿಗೆ 5000 ರೂ. ನಿಗದಿಪಡಿಸಲಾಗಿದೆ ಎಂದರು.
'ಮಿಕ್ಸೋಪತಿ' ವಿರೋಧಿಸಿ ಅಲೋಪತಿ ವೈದ್ಯರ ಉಪವಾಸ ಸತ್ಯಾಗ್ರಹ ಆರಂಭ
ಮೈಸೂರು,ಫೆ.1(ಎಂಟಿವೈ)- ಆಯುರ್ವೇದ ವೈದ್ಯರಿಗೆ ಶಸ್ತ್ರಚಿಕಿತ್ಸೆ ನಡೆಸಲು ಅನುಮತಿ ನೀಡಿರುವ ಕೇಂದ್ರ ಸರ್ಕಾರದ ನಿರ್ಧಾರ ಹಾಗೂ ಮಿಶ್ರ ವೈದ್ಯ ಪದ್ಧತಿ ಜಾರಿಗೆ ವಿರೋಧ ವ್ಯಕ್ತಪಡಿಸಿ ಭಾರತೀಯ ವೈದ್ಯಕೀಯ ಸಂಘ (ಐಎಂಎ) ದೇಶದಾದ್ಯಂತ 14 ದಿನಗಳ ಉಪವಾಸ ಸತ್ಯಾಗ್ರಹ ಆರಂಭಿಸಿದೆ. ಈ ಹಿನ್ನೆಲೆಯಲ್ಲಿ ಮೈಸೂರಿನಲ್ಲಿಯೂ ವೈದ್ಯರು ಉಪವಾಸ ಸತ್ಯಾಗ್ರಹ ಆರಂಭಿಸಿದ್ದಾರೆ.
● ದೇಶದಾದ್ಯಂತ ಎಲ್ಲಾ ಐಎಂಎ ರಾಜ್ಯ ಘಟಕದ ಅವರಣದಲ್ಲಿ 14 ದಿನ ಉಪವಾಸ
● ಬೆಂಗಳೂರು ಐಎಂಎ ರಾಜ್ಯ ಘಟಕದ ಕಚೇರಿಯಲ್ಲಿ ಉಪವಾಸ ಆರಂಭ
● ಫೆ.3ರಿಂದ 4ರವರೆಗೆ ಮೈಸೂರು-ಕೊಡಗು ಐಎಂಎ ಶಾಖೆ ತಂಡದಿಂದ ಉಪವಾಸ ಮುಂದುವರಿಕೆ
AGAINST MIXOPATHY
ಬೆಂಗಳೂರಿನ ಐಎಂಎ ರಾಜ್ಯ ಘಟಕದ ಕಚೇರಿ ಆವರಣದಲ್ಲಿ ವೈದ್ಯರು ಉಪವಾಸ ಸತ್ಯಾಗ್ರಹ ಆರಂಭಿಸಿದರು.
ತಂತ್ರ ಮತ್ತು ಶಸ್ತ್ರ ಚಿಕಿತ್ಸೆ ತಂತ್ರ ವಿಷಯದಲ್ಲಿ ಮಿಶ್ರ ಪದ್ಧತಿ ಜಾರಿಗೆ ತರುವ ಪ್ರಯತ್ನ ವೈದ್ಯಕೀಯ ಕ್ಷೇತ್ರದ ಗುಣಮಟ್ಟಕ್ಕೆ ಧಕ್ಕೆ ತರಲಿದೆ. ಇದರಿಂದ ರೋಗಿಗಳ ಜೀವಕ್ಕೆ ಅಪಾಯ ಎದುರಾಗಲಿದೆ ಎಂದು ವೈದ್ಯರು ಆತಂಕ ವ್ಯಕ್ತಪಡಿಸಿದರು. ಕೇಂದ್ರ ಸರ್ಕಾರ ಕೂಡಲೇ ಈ ನಿರ್ಧಾರ ಹಿಂಪಡೆಯಬೇಕು ಎಂದು ಒತ್ತಾಯಿಸಿದರು. 'ಮೈಸೂರು ಮಿತ್ರ'ನೊಂದಿಗೆ ಮಾತನಾಡಿದ ಐಎಂಎ ಮೈಸೂರು ಶಾಖೆ ಅಧ್ಯಕ್ಷರು, ಮುಂದಿನ ದಿನಗಳಲ್ಲಿ ಹೋರಾಟ ತೀವ್ರಗೊಳಿಸುವುದಾಗಿ ತಿಳಿಸಿದರು.
ನಾಡಿನ ಐಎಂಎ ಮೈಸೂರು ಘಟಕದ ಅಧ್ಯಕ್ಷ ಡಾ.ಜಿ.ಎಸ್.ಆನಂದರಾವ್, 14 ದಿನಗಳು ಇಡೀ ದೇಶದಾದ್ಯಂತ ಉಪವಾಸ ಸತ್ಯಾಗ್ರಹ ನಡೆಯಲಿದೆ. ಕರ್ನಾಟಕ ರಾಜ್ಯ ಐಎಂಎ ಶಾಖೆ ವತಿಯಿಂದ ಇಂದಿನಿಂದ ಉಪವಾಸ ಸತ್ಯಾಗ್ರಹ ಆರಂಭವಾಗಿದೆ ಎಂದು ತಿಳಿಸಿದರು. ಮೈಸೂರು-ಕೊಡಗು ಐಎಂಎ ಶಾಖೆಯ ಸುಮಾರು 30 ಮಂದಿ ತಂಡ ಫೆ.3 ರಂದು ಬೆಂಗಳೂರಿಗೆ ತೆರಳಿ ಉಪವಾಸ ಸತ್ಯಾಗ್ರಹದಲ್ಲಿ ಪಾಲ್ಗೊಳ್ಳಲಿದೆ. ಪ್ರತಿ ದಿನ 100ರ ಜಿಲ್ಲೆ 10 ಗಂಟೆವರೆಗೆ ಉಪವಾಸ ಸತ್ಯಾಗ್ರಹ ನಡೆಯಲಿದೆ ಎಂದರು.
